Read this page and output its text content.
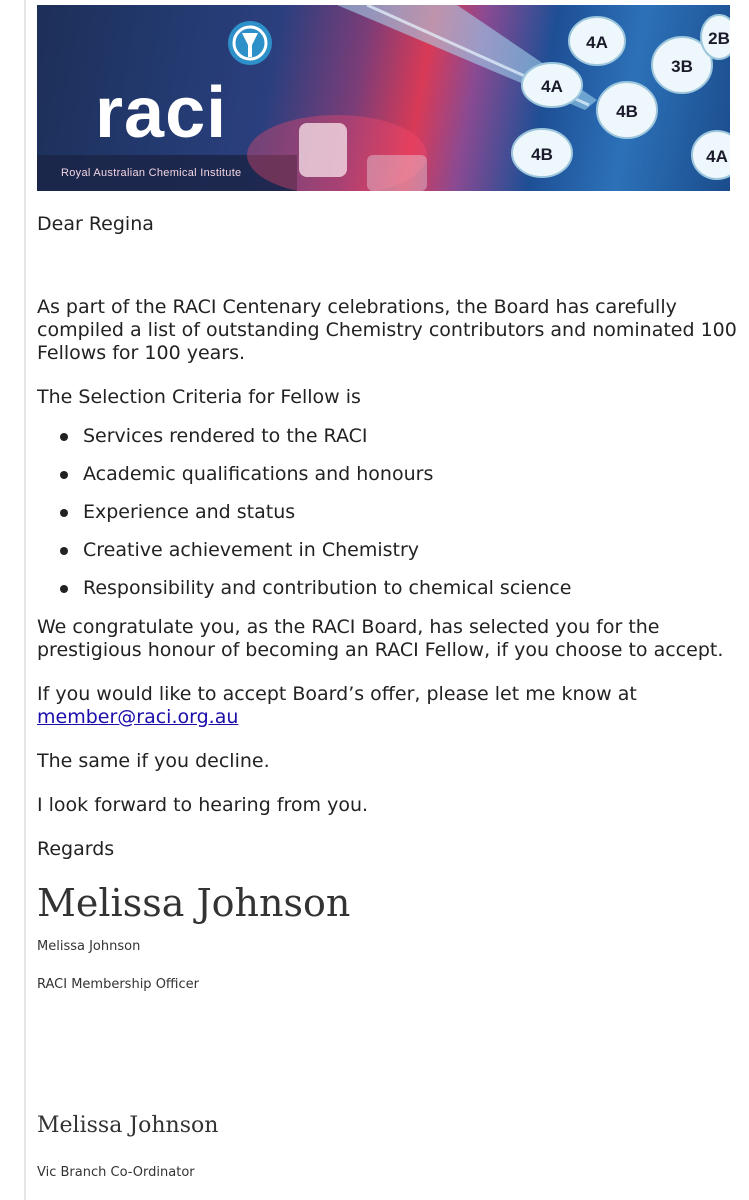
4A
4B
3B
4A
4B	4A
2B
raci
Royal Australian Chemical Institute

Dear Regina

As part of the RACI Centenary celebrations, the Board has carefully compiled a list of outstanding Chemistry contributors and nominated 100 Fellows for 100 years.

The Selection Criteria for Fellow is

Services rendered to the RACI
Academic qualifications and honours
Experience and status
Creative achievement in Chemistry
Responsibility and contribution to chemical science

We congratulate you, as the RACI Board, has selected you for the prestigious honour of becoming an RACI Fellow, if you choose to accept.

If you would like to accept Board’s offer, please let me know at
member@raci.org.au

The same if you decline.

I look forward to hearing from you.

Regards

Melissa Johnson

Melissa Johnson

RACI Membership Officer

Melissa Johnson
Vic Branch Co-Ordinator
